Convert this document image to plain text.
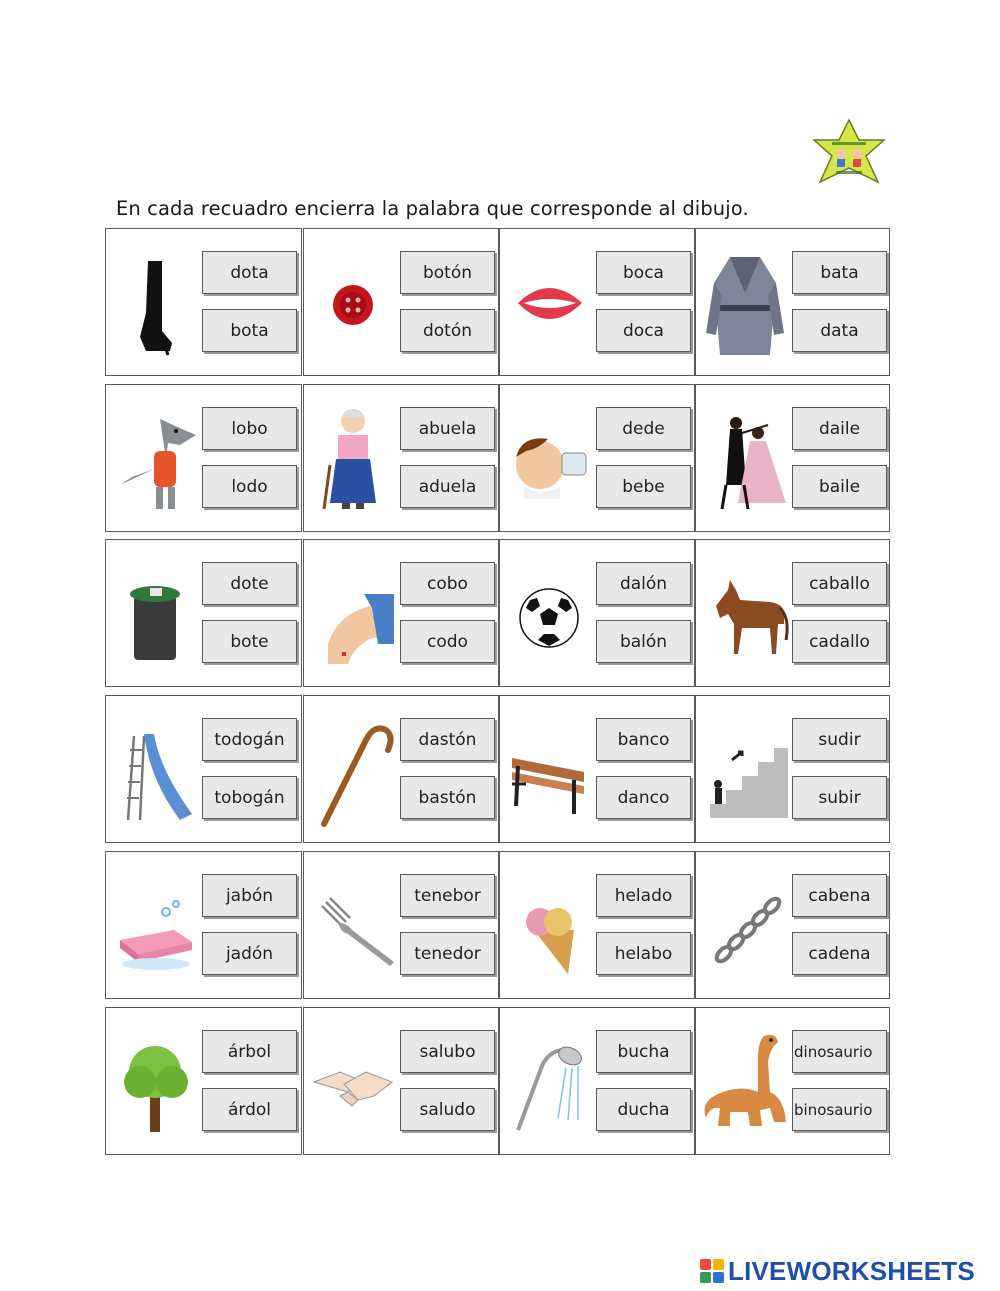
En cada recuadro encierra la palabra que corresponde al dibujo.
dota
bota
botón
dotón
boca
doca
bata
data
lobo
lodo
abuela
aduela
dede
bebe
daile
baile
dote
bote
cobo
codo
dalón
balón
caballo
cadallo
todogán
tobogán
dastón
bastón
banco
danco
sudir
subir
jabón
jadón
tenebor
tenedor
helado
helabo
cabena
cadena
árbol
árdol
salubo
saludo
bucha
ducha
dinosaurio
binosaurio
LIVEWORKSHEETS
